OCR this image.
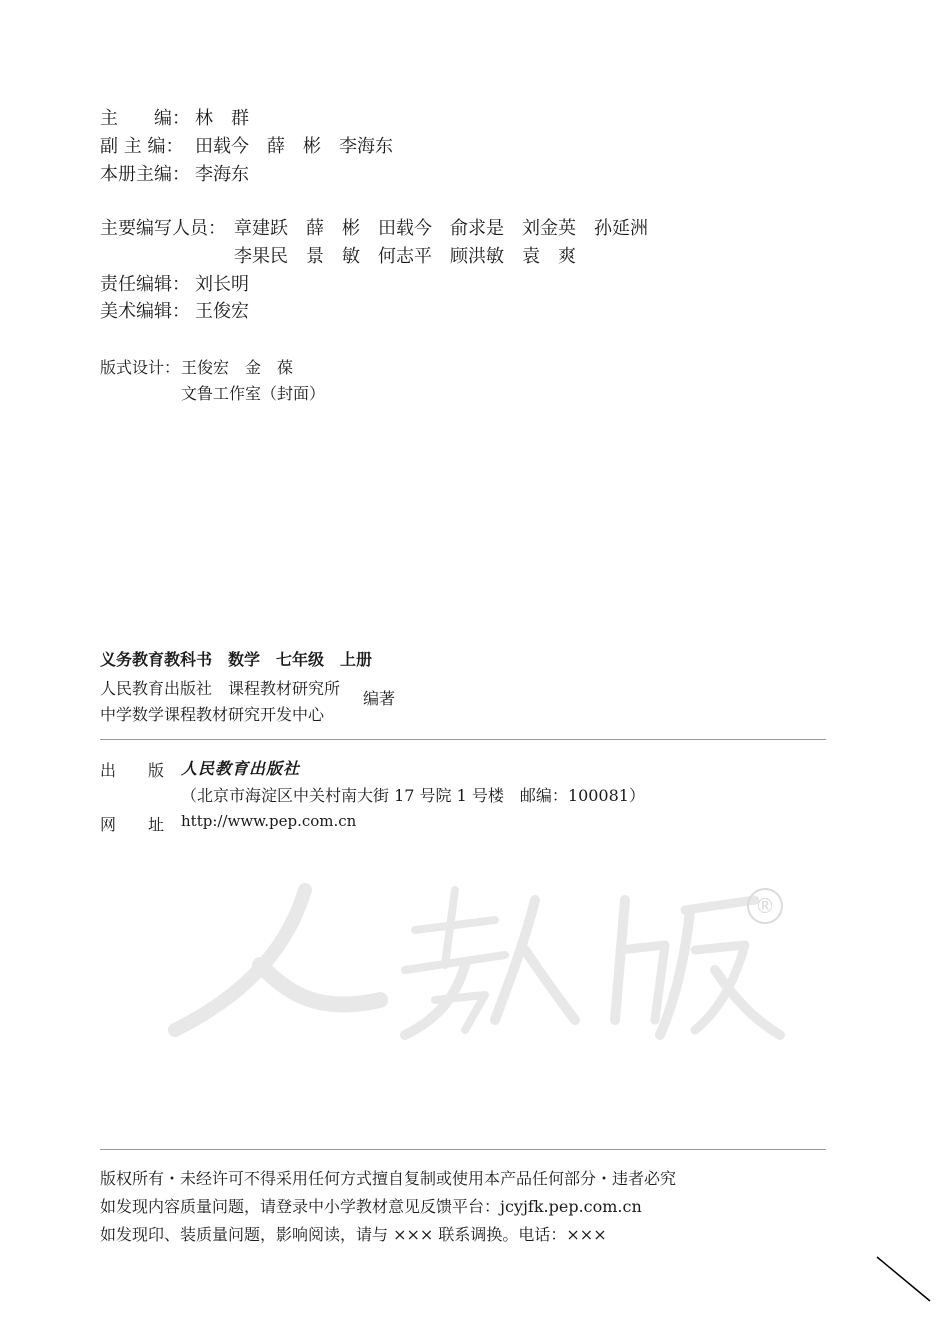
主　　编： 林　群
副 主 编： 田载今　薛　彬　李海东
本册主编： 李海东
主要编写人员： 章建跃　薛　彬　田载今　俞求是　刘金英　孙延洲
李果民　景　敏　何志平　顾洪敏　袁　爽
责任编辑： 刘长明
美术编辑： 王俊宏
版式设计： 王俊宏　金　葆
文鲁工作室（封面）
义务教育教科书　数学　七年级　上册
人民教育出版社　课程教材研究所
中学数学课程教材研究开发中心
编著
出　　版 人民教育出版社
（北京市海淀区中关村南大街 17 号院 1 号楼　邮编：100081）
网　　址 http://www.pep.com.cn
®
版权所有・未经许可不得采用任何方式擅自复制或使用本产品任何部分・违者必究
如发现内容质量问题，请登录中小学教材意见反馈平台：jcyjfk.pep.com.cn
如发现印、装质量问题，影响阅读，请与 ××× 联系调换。电话：×××
